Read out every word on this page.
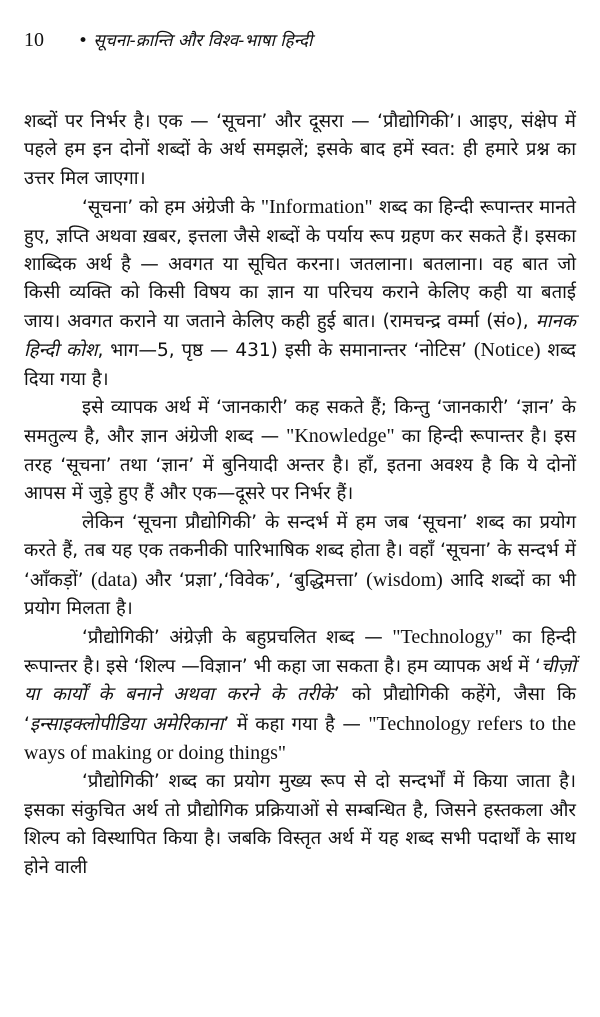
10 • सूचना-क्रान्ति और विश्व-भाषा हिन्दी

शब्दों पर निर्भर है। एक — ‘सूचना’ और दूसरा — ‘प्रौद्योगिकी’। आइए, संक्षेप में पहले हम इन दोनों शब्दों के अर्थ समझलें; इसके बाद हमें स्वत: ही हमारे प्रश्न का उत्तर मिल जाएगा।

‘सूचना’ को हम अंग्रेजी के "Information" शब्द का हिन्दी रूपान्तर मानते हुए, ज्ञप्ति अथवा ख़बर, इत्तला जैसे शब्दों के पर्याय रूप ग्रहण कर सकते हैं। इसका शाब्दिक अर्थ है — अवगत या सूचित करना। जतलाना। बतलाना। वह बात जो किसी व्यक्ति को किसी विषय का ज्ञान या परिचय कराने केलिए कही या बताई जाय। अवगत कराने या जताने केलिए कही हुई बात। (रामचन्द्र वर्म्मा (सं०), मानक हिन्दी कोश, भाग—5, पृष्ठ — 431) इसी के समानान्तर ‘नोटिस’ (Notice) शब्द दिया गया है।

इसे व्यापक अर्थ में ‘जानकारी’ कह सकते हैं; किन्तु ‘जानकारी’ ‘ज्ञान’ के समतुल्य है, और ज्ञान अंग्रेजी शब्द — "Knowledge" का हिन्दी रूपान्तर है। इस तरह ‘सूचना’ तथा ‘ज्ञान’ में बुनियादी अन्तर है। हाँ, इतना अवश्य है कि ये दोनों आपस में जुड़े हुए हैं और एक—दूसरे पर निर्भर हैं।

लेकिन ‘सूचना प्रौद्योगिकी’ के सन्दर्भ में हम जब ‘सूचना’ शब्द का प्रयोग करते हैं, तब यह एक तकनीकी पारिभाषिक शब्द होता है। वहाँ ‘सूचना’ के सन्दर्भ में ‘आँकड़ों’ (data) और ‘प्रज्ञा’,‘विवेक’, ‘बुद्धिमत्ता’ (wisdom) आदि शब्दों का भी प्रयोग मिलता है।

‘प्रौद्योगिकी’ अंग्रेज़ी के बहुप्रचलित शब्द — "Technology" का हिन्दी रूपान्तर है। इसे ‘शिल्प —विज्ञान’ भी कहा जा सकता है। हम व्यापक अर्थ में ‘चीज़ों या कार्यों के बनाने अथवा करने के तरीके’ को प्रौद्योगिकी कहेंगे, जैसा कि ‘इन्साइक्लोपीडिया अमेरिकाना’ में कहा गया है — "Technology refers to the ways of making or doing things"

‘प्रौद्योगिकी’ शब्द का प्रयोग मुख्य रूप से दो सन्दर्भों में किया जाता है। इसका संकुचित अर्थ तो प्रौद्योगिक प्रक्रियाओं से सम्बन्धित है, जिसने हस्तकला और शिल्प को विस्थापित किया है। जबकि विस्तृत अर्थ में यह शब्द सभी पदार्थों के साथ होने वाली
